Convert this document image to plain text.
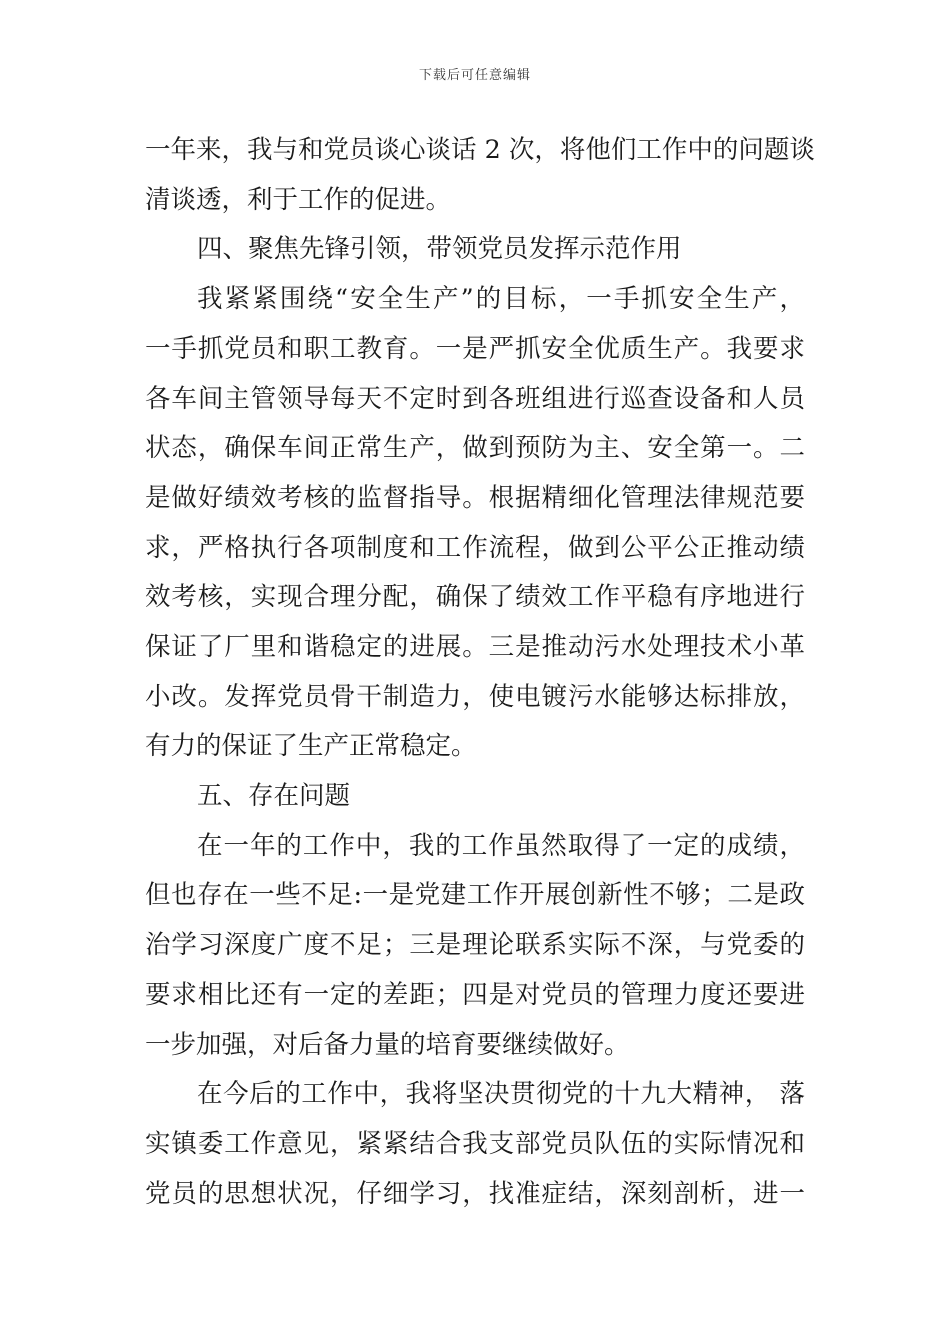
下载后可任意编辑
一年来，我与和党员谈心谈话 2 次，将他们工作中的问题谈
清谈透，利于工作的促进。
四、聚焦先锋引领，带领党员发挥示范作用
我紧紧围绕“安全生产”的目标，一手抓安全生产，
一手抓党员和职工教育。一是严抓安全优质生产。我要求
各车间主管领导每天不定时到各班组进行巡查设备和人员
状态，确保车间正常生产，做到预防为主、安全第一。二
是做好绩效考核的监督指导。根据精细化管理法律规范要
求，严格执行各项制度和工作流程，做到公平公正推动绩
效考核，实现合理分配，确保了绩效工作平稳有序地进行
保证了厂里和谐稳定的进展。三是推动污水处理技术小革
小改。发挥党员骨干制造力，使电镀污水能够达标排放，
有力的保证了生产正常稳定。
五、存在问题
在一年的工作中，我的工作虽然取得了一定的成绩，
但也存在一些不足:一是党建工作开展创新性不够；二是政
治学习深度广度不足；三是理论联系实际不深，与党委的
要求相比还有一定的差距；四是对党员的管理力度还要进
一步加强，对后备力量的培育要继续做好。
在今后的工作中，我将坚决贯彻党的十九大精神， 落
实镇委工作意见，紧紧结合我支部党员队伍的实际情况和
党员的思想状况，仔细学习，找准症结，深刻剖析，进一
